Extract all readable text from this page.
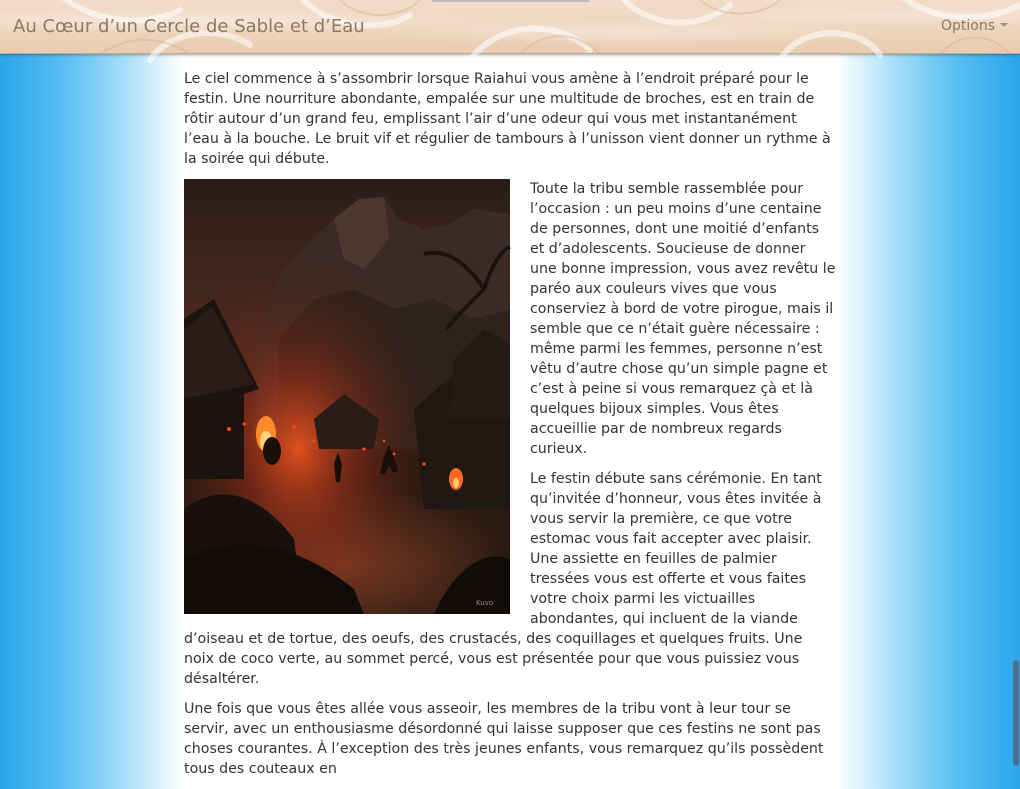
Au Cœur d’un Cercle de Sable et d’Eau	Options

Le ciel commence à s’assombrir lorsque Raiahui vous amène à l’endroit préparé pour le festin. Une nourriture abondante, empalée sur une multitude de broches, est en train de rôtir autour d’un grand feu, emplissant l’air d’une odeur qui vous met instantanément l’eau à la bouche. Le bruit vif et régulier de tambours à l’unisson vient donner un rythme à la soirée qui débute.

Kuvo

Toute la tribu semble rassemblée pour l’occasion : un peu moins d’une centaine de personnes, dont une moitié d’enfants et d’adolescents. Soucieuse de donner une bonne impression, vous avez revêtu le paréo aux couleurs vives que vous conserviez à bord de votre pirogue, mais il semble que ce n’était guère nécessaire : même parmi les femmes, personne n’est vêtu d’autre chose qu’un simple pagne et c’est à peine si vous remarquez çà et là quelques bijoux simples. Vous êtes accueillie par de nombreux regards curieux.

Le festin débute sans cérémonie. En tant qu’invitée d’honneur, vous êtes invitée à vous servir la première, ce que votre estomac vous fait accepter avec plaisir. Une assiette en feuilles de palmier tressées vous est offerte et vous faites votre choix parmi les victuailles abondantes, qui incluent de la viande d’oiseau et de tortue, des oeufs, des crustacés, des coquillages et quelques fruits. Une noix de coco verte, au sommet percé, vous est présentée pour que vous puissiez vous désaltérer.

Une fois que vous êtes allée vous asseoir, les membres de la tribu vont à leur tour se servir, avec un enthousiasme désordonné qui laisse supposer que ces festins ne sont pas choses courantes. À l’exception des très jeunes enfants, vous remarquez qu’ils possèdent tous des couteaux en
